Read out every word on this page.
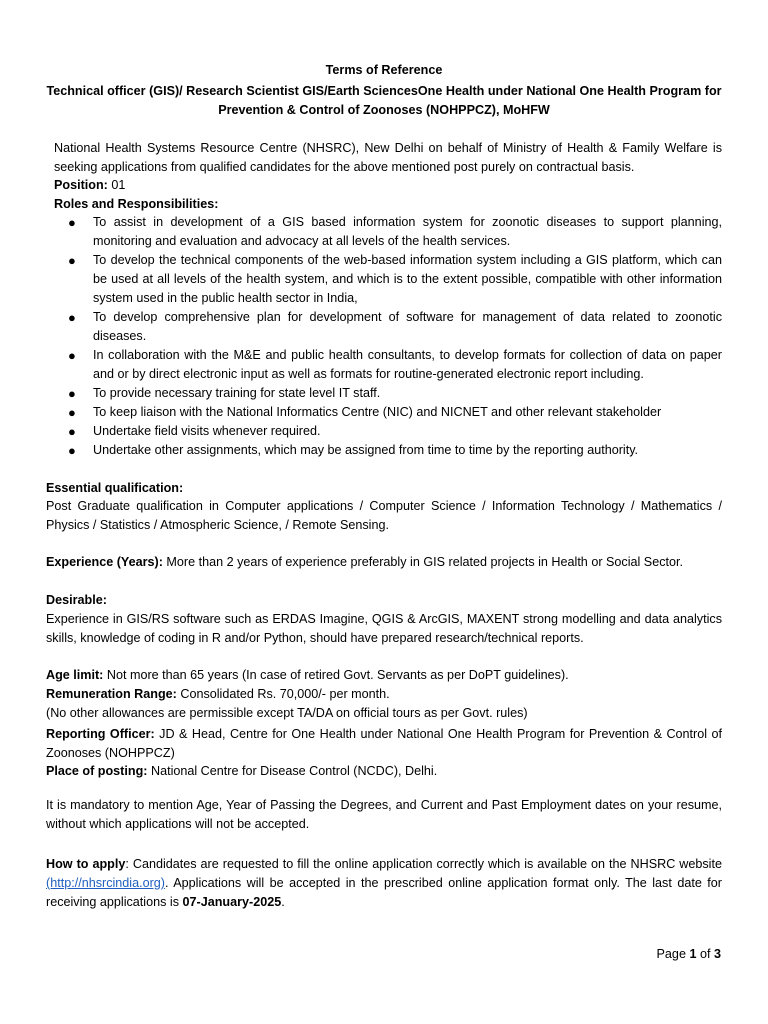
Terms of Reference
Technical officer (GIS)/ Research Scientist GIS/Earth SciencesOne Health under National One Health Program for Prevention & Control of Zoonoses (NOHPPCZ), MoHFW
National Health Systems Resource Centre (NHSRC), New Delhi on behalf of Ministry of Health & Family Welfare is seeking applications from qualified candidates for the above mentioned post purely on contractual basis.
Position: 01
Roles and Responsibilities:
● To assist in development of a GIS based information system for zoonotic diseases to support planning, monitoring and evaluation and advocacy at all levels of the health services.
● To develop the technical components of the web-based information system including a GIS platform, which can be used at all levels of the health system, and which is to the extent possible, compatible with other information system used in the public health sector in India,
● To develop comprehensive plan for development of software for management of data related to zoonotic diseases.
● In collaboration with the M&E and public health consultants, to develop formats for collection of data on paper and or by direct electronic input as well as formats for routine-generated electronic report including.
● To provide necessary training for state level IT staff.
● To keep liaison with the National Informatics Centre (NIC) and NICNET and other relevant stakeholder
● Undertake field visits whenever required.
● Undertake other assignments, which may be assigned from time to time by the reporting authority.
Essential qualification:
Post Graduate qualification in Computer applications / Computer Science / Information Technology / Mathematics / Physics / Statistics / Atmospheric Science, / Remote Sensing.
Experience (Years): More than 2 years of experience preferably in GIS related projects in Health or Social Sector.
Desirable:
Experience in GIS/RS software such as ERDAS Imagine, QGIS & ArcGIS, MAXENT strong modelling and data analytics skills, knowledge of coding in R and/or Python, should have prepared research/technical reports.
Age limit: Not more than 65 years (In case of retired Govt. Servants as per DoPT guidelines).
Remuneration Range: Consolidated Rs. 70,000/- per month.
(No other allowances are permissible except TA/DA on official tours as per Govt. rules)
Reporting Officer: JD & Head, Centre for One Health under National One Health Program for Prevention & Control of Zoonoses (NOHPPCZ)
Place of posting: National Centre for Disease Control (NCDC), Delhi.
It is mandatory to mention Age, Year of Passing the Degrees, and Current and Past Employment dates on your resume, without which applications will not be accepted.
How to apply: Candidates are requested to fill the online application correctly which is available on the NHSRC website (http://nhsrcindia.org). Applications will be accepted in the prescribed online application format only. The last date for receiving applications is 07-January-2025.
Page 1 of 3
